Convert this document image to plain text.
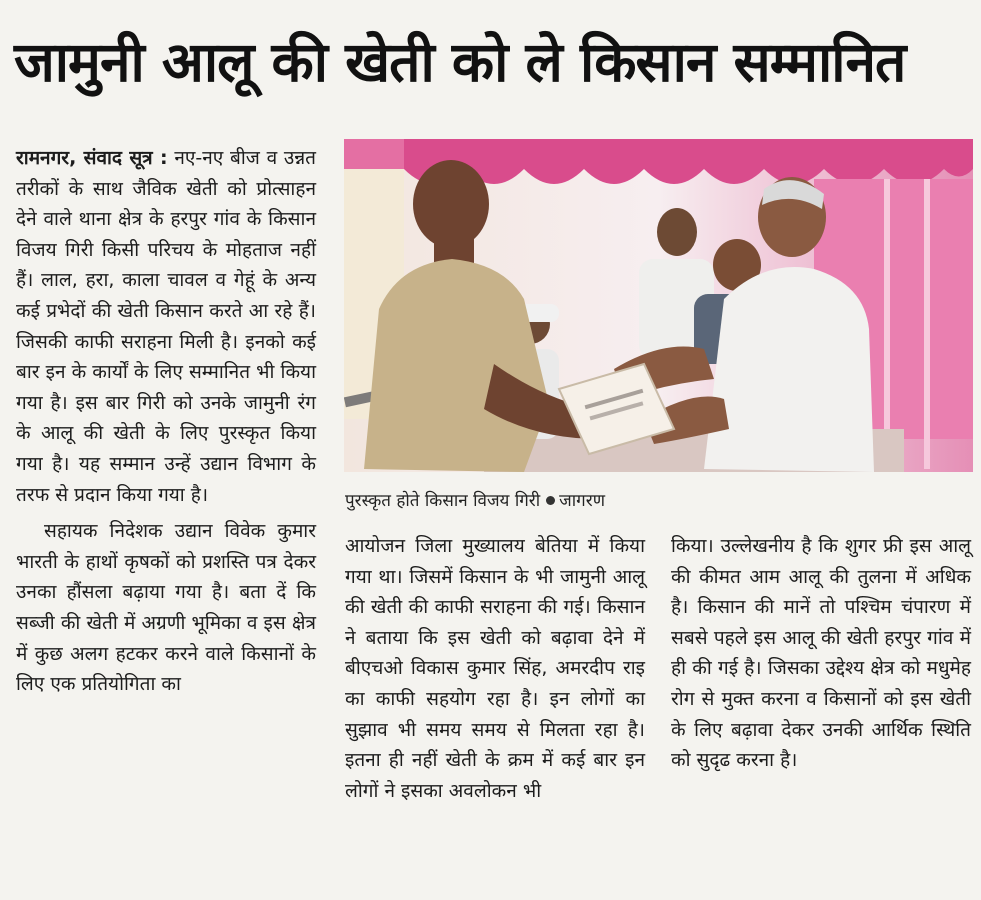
जामुनी आलू की खेती को ले किसान सम्मानित

रामनगर, संवाद सूत्र : नए-नए बीज व उन्नत तरीकों के साथ जैविक खेती को प्रोत्साहन देने वाले थाना क्षेत्र के हरपुर गांव के किसान विजय गिरी किसी परिचय के मोहताज नहीं हैं। लाल, हरा, काला चावल व गेहूं के अन्य कई प्रभेदों की खेती किसान करते आ रहे हैं। जिसकी काफी सराहना मिली है। इनको कई बार इन के कार्यों के लिए सम्मानित भी किया गया है। इस बार गिरी को उनके जामुनी रंग के आलू की खेती के लिए पुरस्कृत किया गया है। यह सम्मान उन्हें उद्यान विभाग के तरफ से प्रदान किया गया है।

सहायक निदेशक उद्यान विवेक कुमार भारती के हाथों कृषकों को प्रशस्ति पत्र देकर उनका हौंसला बढ़ाया गया है। बता दें कि सब्जी की खेती में अग्रणी भूमिका व इस क्षेत्र में कुछ अलग हटकर करने वाले किसानों के लिए एक प्रतियोगिता का

पुरस्कृत होते किसान विजय गिरी जागरण

आयोजन जिला मुख्यालय बेतिया में किया गया था। जिसमें किसान के भी जामुनी आलू की खेती की काफी सराहना की गई। किसान ने बताया कि इस खेती को बढ़ावा देने में बीएचओ विकास कुमार सिंह, अमरदीप राइ का काफी सहयोग रहा है। इन लोगों का सुझाव भी समय समय से मिलता रहा है। इतना ही नहीं खेती के क्रम में कई बार इन लोगों ने इसका अवलोकन भी

किया। उल्लेखनीय है कि शुगर फ्री इस आलू की कीमत आम आलू की तुलना में अधिक है। किसान की मानें तो पश्चिम चंपारण में सबसे पहले इस आलू की खेती हरपुर गांव में ही की गई है। जिसका उद्देश्य क्षेत्र को मधुमेह रोग से मुक्त करना व किसानों को इस खेती के लिए बढ़ावा देकर उनकी आर्थिक स्थिति को सुदृढ करना है।
